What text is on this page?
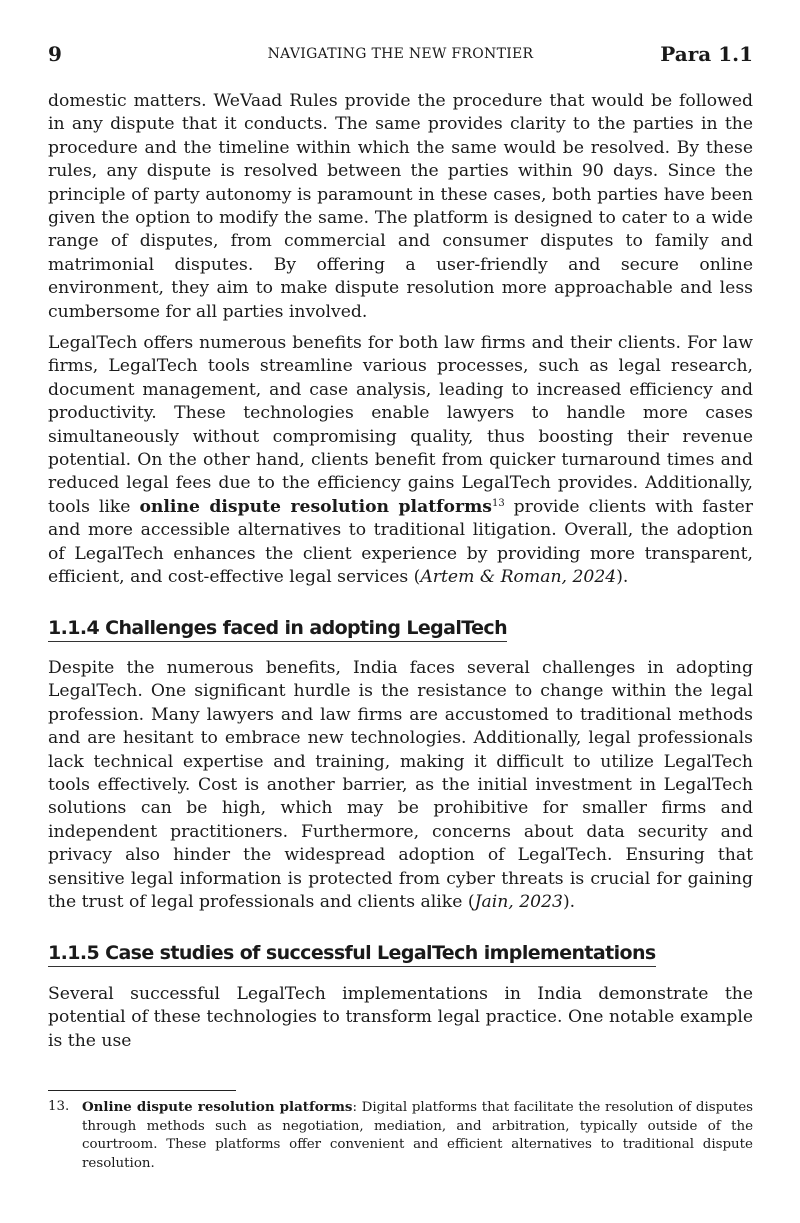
9	NAVIGATING THE NEW FRONTIER	Para 1.1

domestic matters. WeVaad Rules provide the procedure that would be followed in any dispute that it conducts. The same provides clarity to the parties in the procedure and the timeline within which the same would be resolved. By these rules, any dispute is resolved between the parties within 90 days. Since the principle of party autonomy is paramount in these cases, both parties have been given the option to modify the same. The platform is designed to cater to a wide range of disputes, from commercial and consumer disputes to family and matrimonial disputes. By offering a user-friendly and secure online environment, they aim to make dispute resolution more approachable and less cumbersome for all parties involved.

LegalTech offers numerous benefits for both law firms and their clients. For law firms, LegalTech tools streamline various processes, such as legal research, document management, and case analysis, leading to increased efficiency and productivity. These technologies enable lawyers to handle more cases simultaneously without compromising quality, thus boosting their revenue potential. On the other hand, clients benefit from quicker turnaround times and reduced legal fees due to the efficiency gains LegalTech provides. Additionally, tools like online dispute resolution platforms$^{13}$ provide clients with faster and more accessible alternatives to traditional litigation. Overall, the adoption of LegalTech enhances the client experience by providing more transparent, efficient, and cost-effective legal services (Artem & Roman, 2024).

1.1.4 Challenges faced in adopting LegalTech

Despite the numerous benefits, India faces several challenges in adopting LegalTech. One significant hurdle is the resistance to change within the legal profession. Many lawyers and law firms are accustomed to traditional methods and are hesitant to embrace new technologies. Additionally, legal professionals lack technical expertise and training, making it difficult to utilize LegalTech tools effectively. Cost is another barrier, as the initial investment in LegalTech solutions can be high, which may be prohibitive for smaller firms and independent practitioners. Furthermore, concerns about data security and privacy also hinder the widespread adoption of LegalTech. Ensuring that sensitive legal information is protected from cyber threats is crucial for gaining the trust of legal professionals and clients alike (Jain, 2023).

1.1.5 Case studies of successful LegalTech implementations

Several successful LegalTech implementations in India demonstrate the potential of these technologies to transform legal practice. One notable example is the use

13. Online dispute resolution platforms: Digital platforms that facilitate the resolution of disputes through methods such as negotiation, mediation, and arbitration, typically outside of the courtroom. These platforms offer convenient and efficient alternatives to traditional dispute resolution.
